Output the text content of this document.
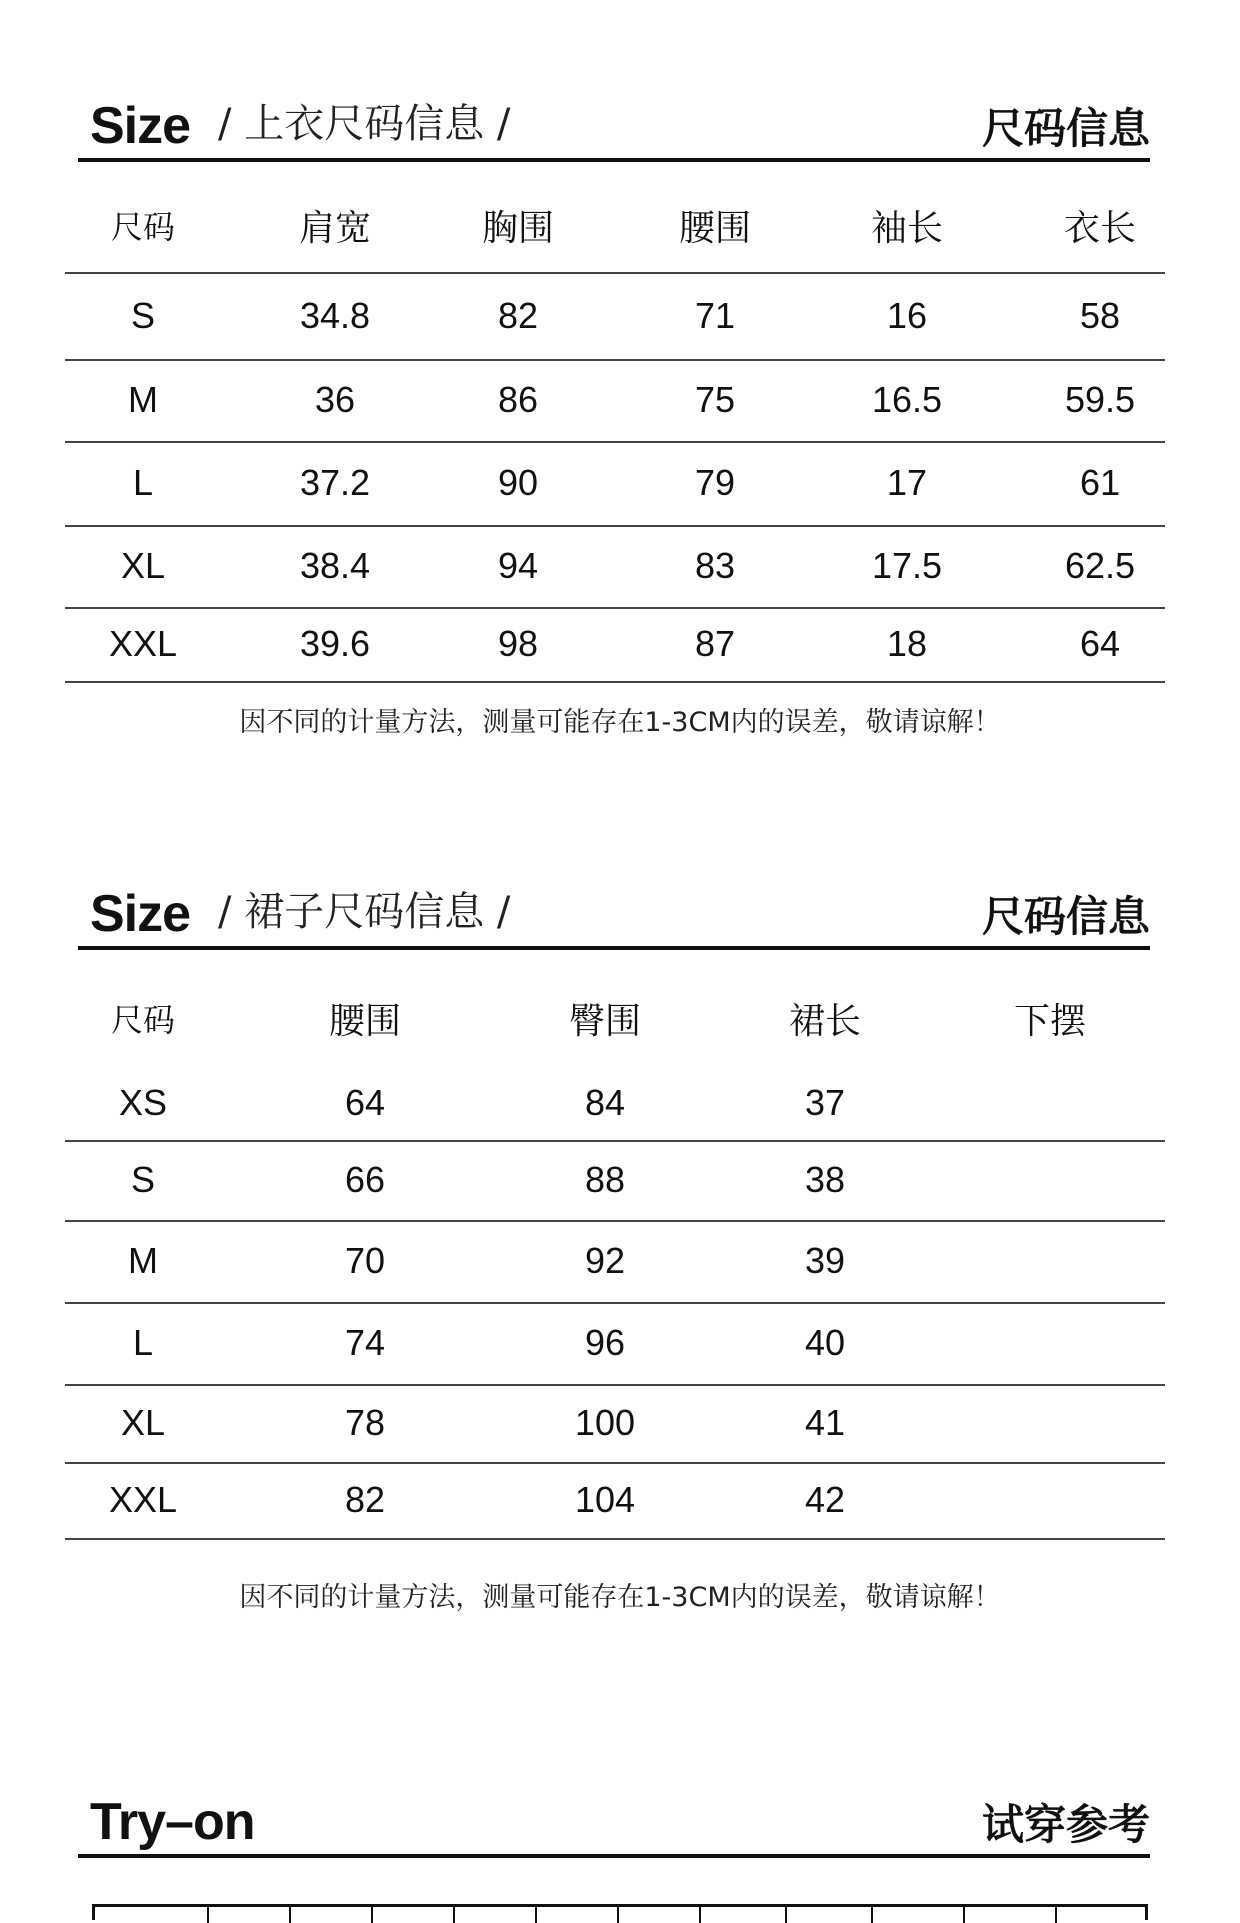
Size / 上衣尺码信息 /	尺码信息
尺码	肩宽	胸围	腰围	袖长	衣长
S	34.8	82	71	16	58
M	36	86	75	16.5	59.5
L	37.2	90	79	17	61
XL	38.4	94	83	17.5	62.5
XXL	39.6	98	87	18	64
因不同的计量方法，测量可能存在1-3CM内的误差，敬请谅解！
Size / 裙子尺码信息 /	尺码信息
尺码	腰围	臀围	裙长	下摆
XS	64	84	37
S	66	88	38
M	70	92	39
L	74	96	40
XL	78	100	41
XXL	82	104	42
因不同的计量方法，测量可能存在1-3CM内的误差，敬请谅解！
Try–on	试穿参考
